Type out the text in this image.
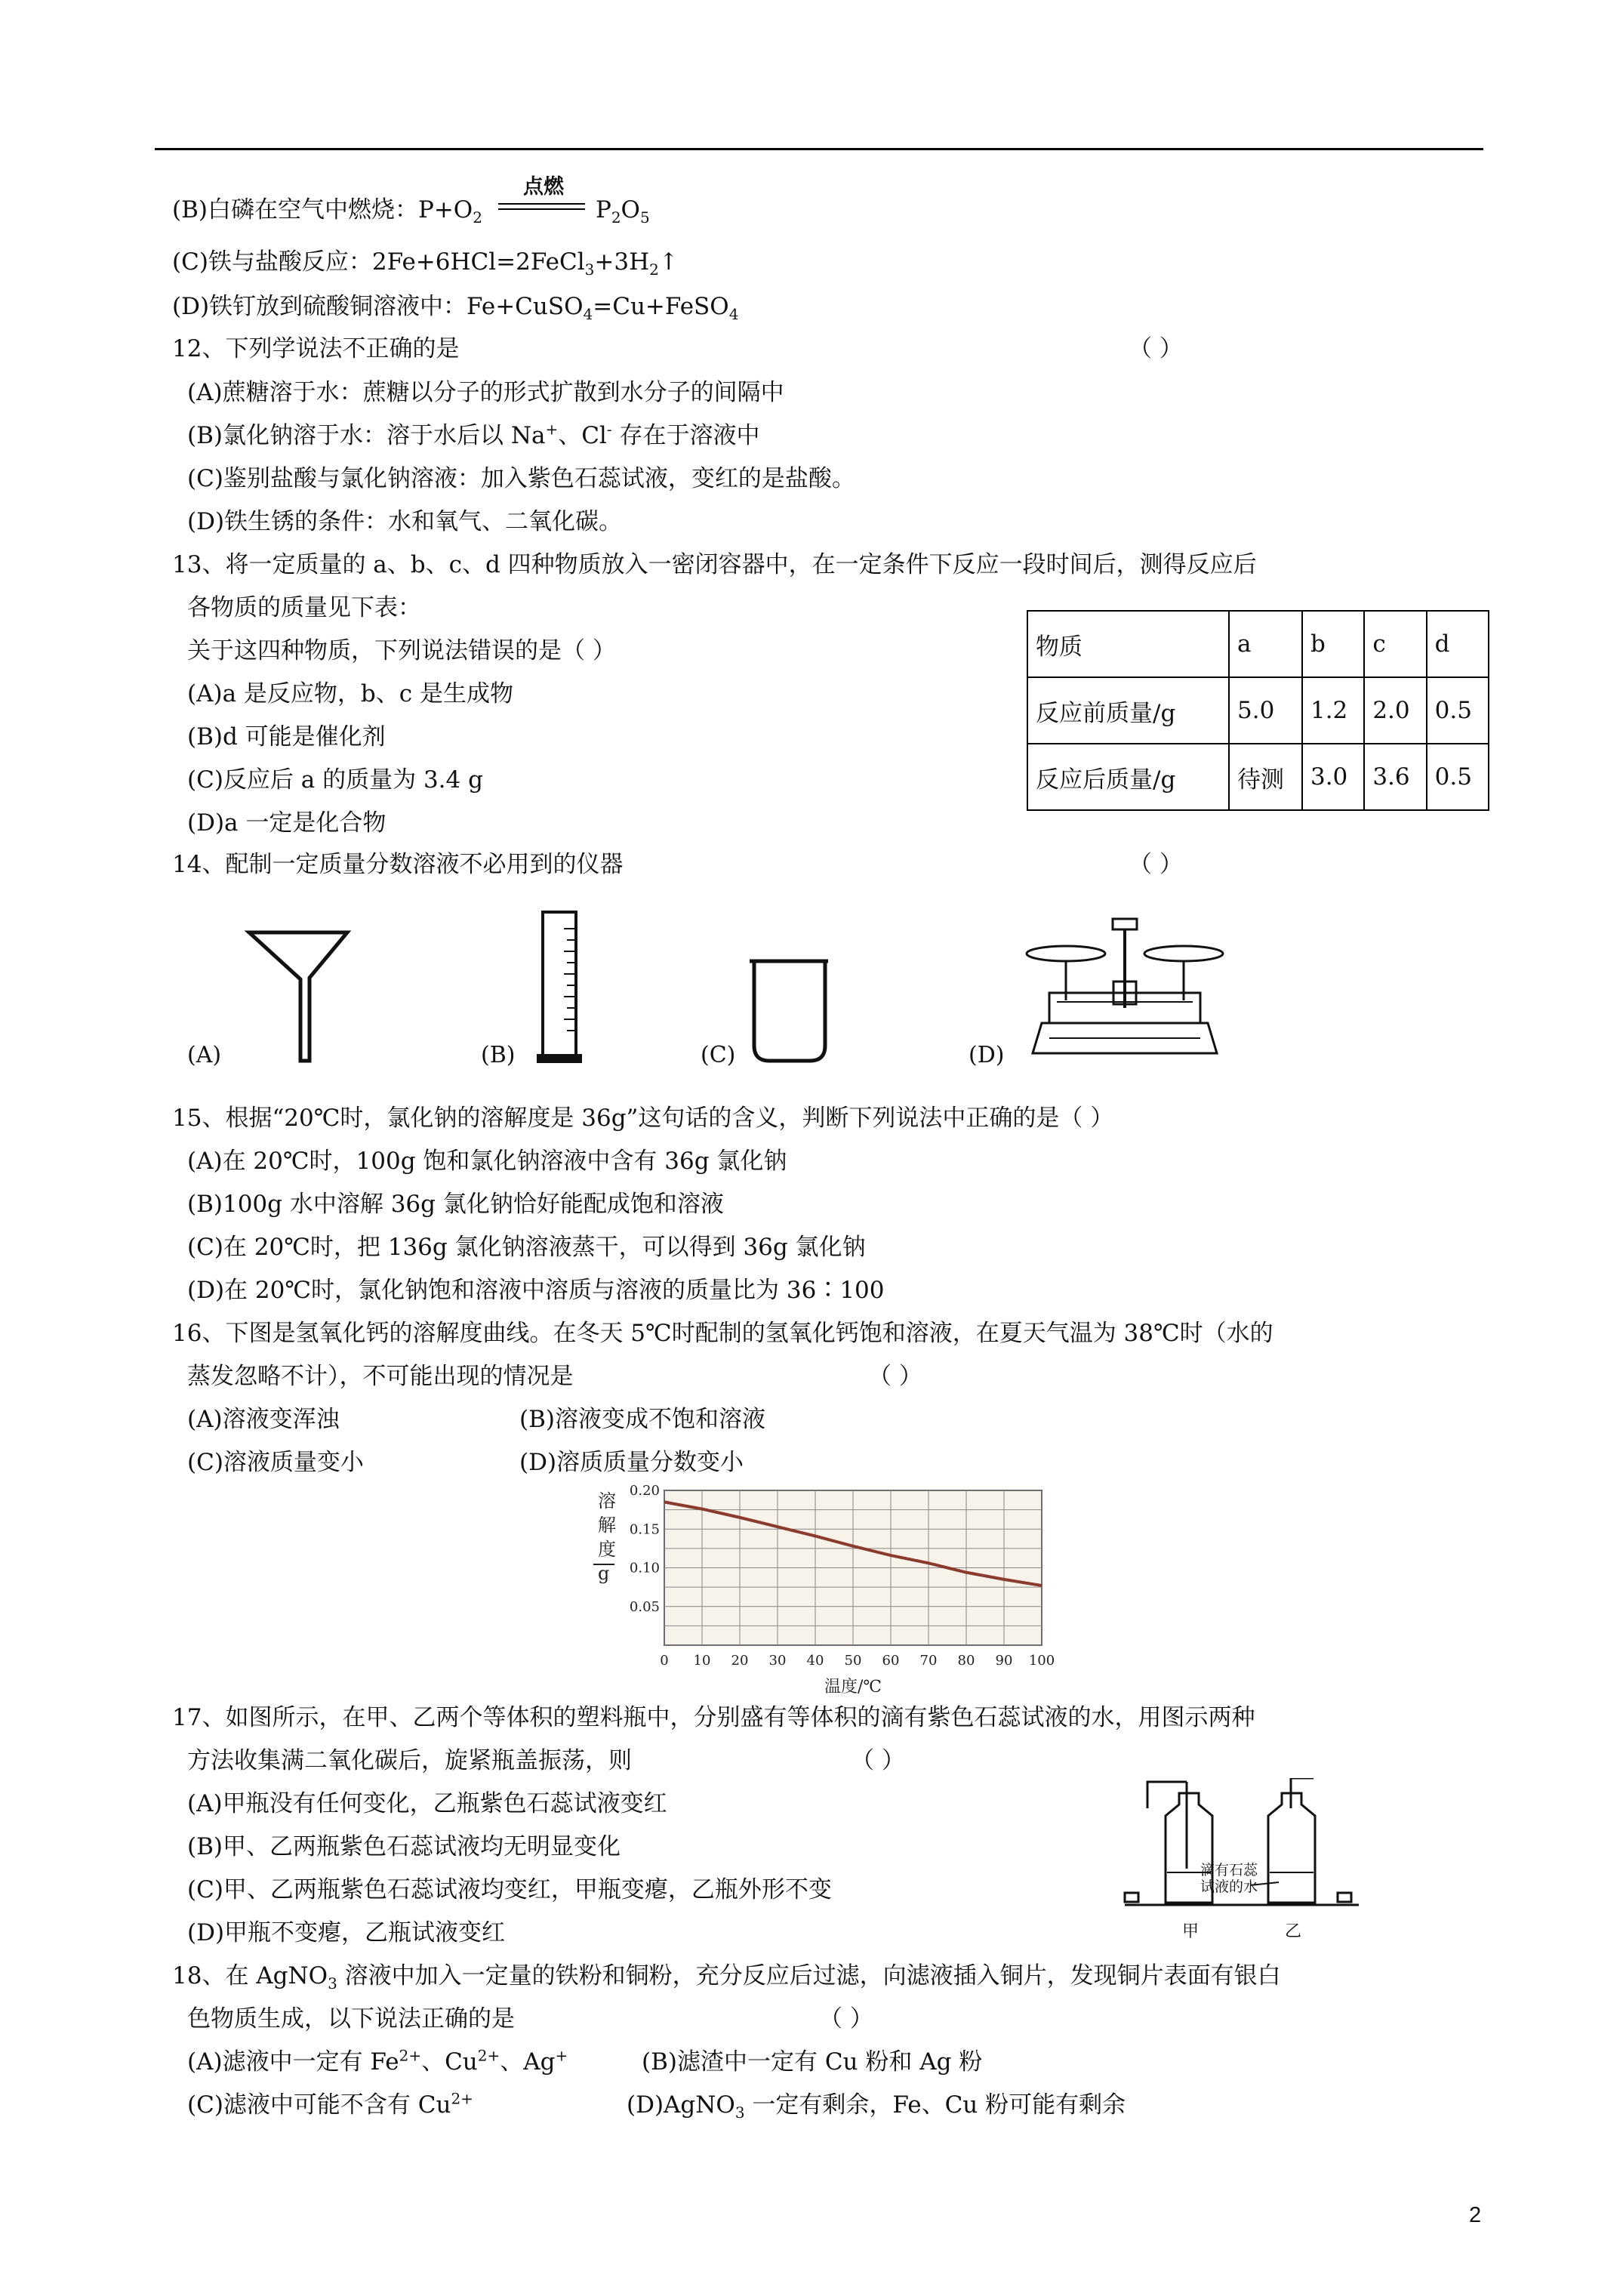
(B)白磷在空气中燃烧：$P+O_2$	$P_2O_5$
点燃
(C)铁与盐酸反应：$2Fe+6HCl=2FeCl_3+3H_2↑$
(D)铁钉放到硫酸铜溶液中：Fe+CuSO$_4$=Cu+FeSO$_4$
12、下列学说法不正确的是	（ ）
(A)蔗糖溶于水：蔗糖以分子的形式扩散到水分子的间隔中
(B)氯化钠溶于水：溶于水后以 Na+、Cl- 存在于溶液中
(C)鉴别盐酸与氯化钠溶液：加入紫色石蕊试液，变红的是盐酸。
(D)铁生锈的条件：水和氧气、二氧化碳。
13、将一定质量的 a、b、c、d 四种物质放入一密闭容器中，在一定条件下反应一段时间后，测得反应后
各物质的质量见下表：
关于这四种物质，下列说法错误的是（ ）
(A)a 是反应物，b、c 是生成物
(B)d 可能是催化剂
(C)反应后 a 的质量为 3.4 g
(D)a 一定是化合物
物质	a	b	c	d
反应前质量/g	5.0	1.2	2.0	0.5
反应后质量/g	待测	3.0	3.6	0.5
14、配制一定质量分数溶液不必用到的仪器	（ ）
(A)	(B)	(C)	(D)
15、根据“20℃时，氯化钠的溶解度是 36g”这句话的含义，判断下列说法中正确的是（ ）
(A)在 20℃时，100g 饱和氯化钠溶液中含有 36g 氯化钠
(B)100g 水中溶解 36g 氯化钠恰好能配成饱和溶液
(C)在 20℃时，把 136g 氯化钠溶液蒸干，可以得到 36g 氯化钠
(D)在 20℃时，氯化钠饱和溶液中溶质与溶液的质量比为 36∶100
16、下图是氢氧化钙的溶解度曲线。在冬天 5℃时配制的氢氧化钙饱和溶液，在夏天气温为 38℃时（水的
蒸发忽略不计），不可能出现的情况是	（ ）
(A)溶液变浑浊	(B)溶液变成不饱和溶液
(C)溶液质量变小	(D)溶质质量分数变小
0 10 20 30 40 50 60 70 80 90 100
0.05
0.10
0.15
0.20
溶
解
度
g
温度/℃
17、如图所示，在甲、乙两个等体积的塑料瓶中，分别盛有等体积的滴有紫色石蕊试液的水，用图示两种
方法收集满二氧化碳后，旋紧瓶盖振荡，则	（ ）
(A)甲瓶没有任何变化，乙瓶紫色石蕊试液变红
(B)甲、乙两瓶紫色石蕊试液均无明显变化
(C)甲、乙两瓶紫色石蕊试液均变红，甲瓶变瘪，乙瓶外形不变
(D)甲瓶不变瘪，乙瓶试液变红
滴有石蕊
试液的水
甲	乙
18、在 AgNO$_3$ 溶液中加入一定量的铁粉和铜粉，充分反应后过滤，向滤液插入铜片，发现铜片表面有银白
色物质生成，以下说法正确的是	（ ）
(A)滤液中一定有 $Fe^{2+}$、$Cu^{2+}$、Ag+	(B)滤渣中一定有 Cu 粉和 Ag 粉
(C)滤液中可能不含有 $Cu^{2+}$	(D)AgNO$_3$ 一定有剩余，Fe、Cu 粉可能有剩余
2
